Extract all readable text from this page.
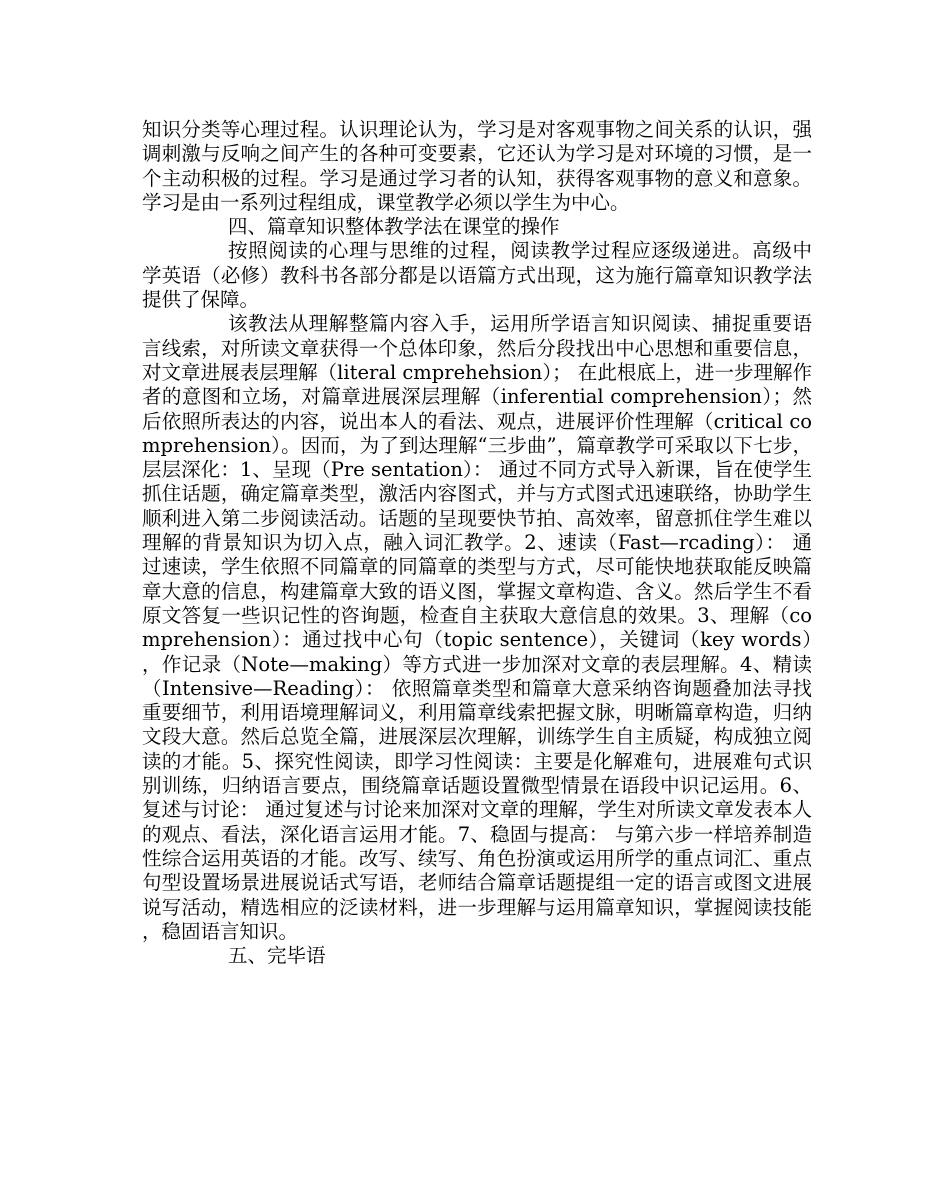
知识分类等心理过程。认识理论认为，学习是对客观事物之间关系的认识，强调刺激与反响之间产生的各种可变要素，它还认为学习是对环境的习惯，是一个主动积极的过程。学习是通过学习者的认知，获得客观事物的意义和意象。学习是由一系列过程组成，课堂教学必须以学生为中心。

四、篇章知识整体教学法在课堂的操作

按照阅读的心理与思维的过程，阅读教学过程应逐级递进。高级中学英语（必修）教科书各部分都是以语篇方式出现，这为施行篇章知识教学法提供了保障。

该教法从理解整篇内容入手，运用所学语言知识阅读、捕捉重要语言线索，对所读文章获得一个总体印象，然后分段找出中心思想和重要信息，对文章进展表层理解（literal cmprehehsion）； 在此根底上，进一步理解作者的意图和立场，对篇章进展深层理解（inferential comprehension）；然后依照所表达的内容，说出本人的看法、观点，进展评价性理解（critical comprehension）。因而，为了到达理解“三步曲”，篇章教学可采取以下七步，层层深化：1、呈现（Pre sentation）： 通过不同方式导入新课，旨在使学生抓住话题，确定篇章类型，激活内容图式，并与方式图式迅速联络，协助学生顺利进入第二步阅读活动。话题的呈现要快节拍、高效率，留意抓住学生难以理解的背景知识为切入点，融入词汇教学。2、速读（Fast—rcading）： 通过速读，学生依照不同篇章的同篇章的类型与方式，尽可能快地获取能反映篇章大意的信息，构建篇章大致的语义图，掌握文章构造、含义。然后学生不看原文答复一些识记性的咨询题，检查自主获取大意信息的效果。3、理解（comprehension）：通过找中心句（topic sentence），关键词（key words），作记录（Note—making）等方式进一步加深对文章的表层理解。4、精读（Intensive—Reading）： 依照篇章类型和篇章大意采纳咨询题叠加法寻找重要细节，利用语境理解词义，利用篇章线索把握文脉，明晰篇章构造，归纳文段大意。然后总览全篇，进展深层次理解，训练学生自主质疑，构成独立阅读的才能。5、探究性阅读，即学习性阅读：主要是化解难句，进展难句式识别训练，归纳语言要点，围绕篇章话题设置微型情景在语段中识记运用。6、复述与讨论： 通过复述与讨论来加深对文章的理解，学生对所读文章发表本人的观点、看法，深化语言运用才能。7、稳固与提高： 与第六步一样培养制造性综合运用英语的才能。改写、续写、角色扮演或运用所学的重点词汇、重点句型设置场景进展说话式写语，老师结合篇章话题提组一定的语言或图文进展说写活动，精选相应的泛读材料，进一步理解与运用篇章知识，掌握阅读技能，稳固语言知识。

五、完毕语
